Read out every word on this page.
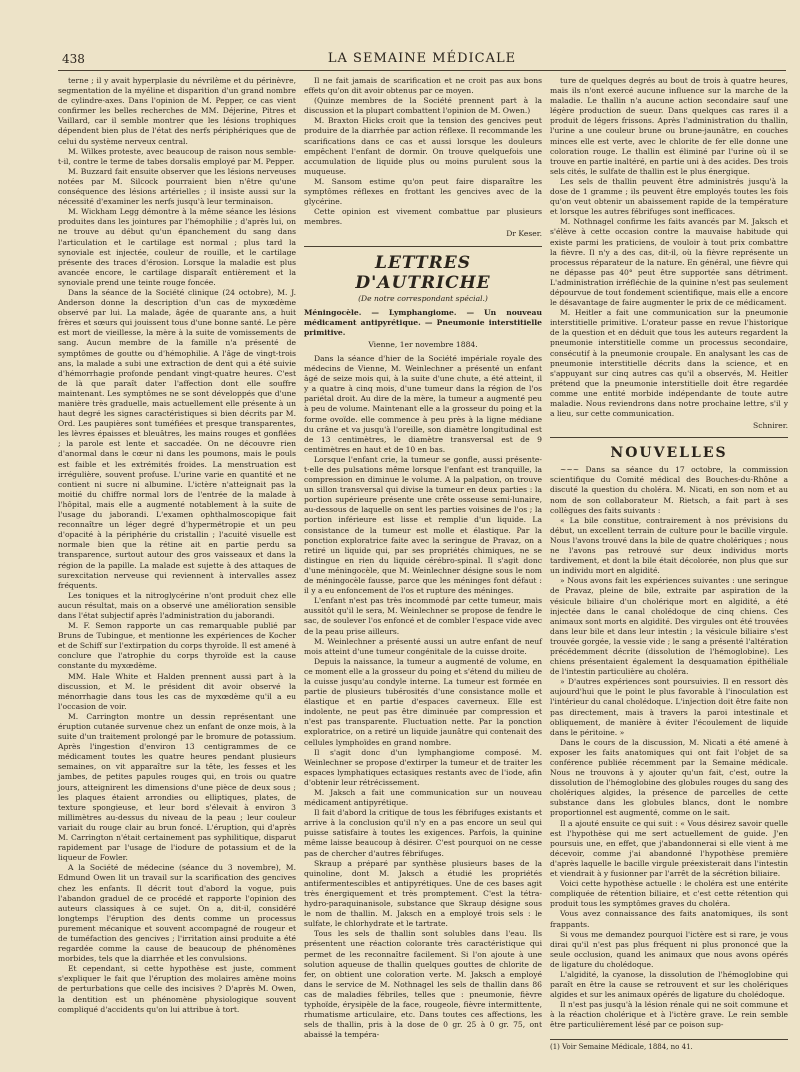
438	LA SEMAINE MÉDICALE

terne ; il y avait hyperplasie du névrilème et du périnèvre, segmentation de la myéline et disparition d'un grand nombre de cylindre-axes. Dans l'opinion de M. Pepper, ce cas vient confirmer les belles recherches de MM. Déjerine, Pitres et Vaillard, car il semble montrer que les lésions trophiques dépendent bien plus de l'état des nerfs périphériques que de celui du système nerveux central.

M. Wilkes proteste, avec beaucoup de raison nous semble-t-il, contre le terme de tabes dorsalis employé par M. Pepper.

M. Buzzard fait ensuite observer que les lésions nerveuses notées par M. Silcock pourraient bien n'être qu'une conséquence des lésions artérielles ; il insiste aussi sur la nécessité d'examiner les nerfs jusqu'à leur terminaison.

M. Wickham Legg démontre à la même séance les lésions produites dans les jointures par l'hémophilie ; d'après lui, on ne trouve au début qu'un épanchement du sang dans l'articulation et le cartilage est normal ; plus tard la synoviale est injectée, couleur de rouille, et le cartilage présente des traces d'érosion. Lorsque la maladie est plus avancée encore, le cartilage disparaît entièrement et la synoviale prend une teinte rouge foncée.

Dans la séance de la Société clinique (24 octobre), M. J. Anderson donne la description d'un cas de myxœdème observé par lui. La malade, âgée de quarante ans, a huit frères et sœurs qui jouissent tous d'une bonne santé. Le père est mort de vieillesse, la mère à la suite de vomissements de sang. Aucun membre de la famille n'a présenté de symptômes de goutte ou d'hémophilie. A l'âge de vingt-trois ans, la malade a subi une extraction de dent qui a été suivie d'hémorrhagie profonde pendant vingt-quatre heures. C'est de là que paraît dater l'affection dont elle souffre maintenant. Les symptômes ne se sont développés que d'une manière très graduelle, mais actuellement elle présente à un haut degré les signes caractéristiques si bien décrits par M. Ord. Les paupières sont tuméfiées et presque transparentes, les lèvres épaisses et bleuâtres, les mains rouges et gonflées ; la parole est lente et saccadée. On ne découvre rien d'anormal dans le cœur ni dans les poumons, mais le pouls est faible et les extrémités froides. La menstruation est irrégulière, souvent profuse. L'urine varie en quantité et ne contient ni sucre ni albumine. L'ictère n'atteignait pas la moitié du chiffre normal lors de l'entrée de la malade à l'hôpital, mais elle a augmenté notablement à la suite de l'usage du jaborandi. L'examen ophthalmoscopique fait reconnaître un léger degré d'hypermétropie et un peu d'opacité à la périphérie du cristallin ; l'acuité visuelle est normale bien que la rétine ait en partie perdu sa transparence, surtout autour des gros vaisseaux et dans la région de la papille. La malade est sujette à des attaques de surexcitation nerveuse qui reviennent à intervalles assez fréquents.

Les toniques et la nitroglycérine n'ont produit chez elle aucun résultat, mais on a observé une amélioration sensible dans l'état subjectif après l'administration du jaborandi.

M. F. Semon rapporte un cas remarquable publié par Bruns de Tubingue, et mentionne les expériences de Kocher et de Schiff sur l'extirpation du corps thyroïde. Il est amené à conclure que l'atrophie du corps thyroïde est la cause constante du myxœdème.

MM. Hale White et Halden prennent aussi part à la discussion, et M. le président dit avoir observé la ménorrhagie dans tous les cas de myxœdème qu'il a eu l'occasion de voir.

M. Carrington montre un dessin représentant une éruption cutanée survenue chez un enfant de onze mois, à la suite d'un traitement prolongé par le bromure de potassium. Après l'ingestion d'environ 13 centigrammes de ce médicament toutes les quatre heures pendant plusieurs semaines, on vit apparaître sur la tête, les fesses et les jambes, de petites papules rouges qui, en trois ou quatre jours, atteignirent les dimensions d'une pièce de deux sous ; les plaques étaient arrondies ou elliptiques, plates, de texture spongieuse, et leur bord s'élevait à environ 3 millimètres au-dessus du niveau de la peau ; leur couleur variait du rouge clair au brun foncé. L'éruption, qui d'après M. Carrington n'était certainement pas syphilitique, disparut rapidement par l'usage de l'iodure de potassium et de la liqueur de Fowler.

A la Société de médecine (séance du 3 novembre), M. Edmund Owen lit un travail sur la scarification des gencives chez les enfants. Il décrit tout d'abord la vogue, puis l'abandon graduel de ce procédé et rapporte l'opinion des auteurs classiques à ce sujet. On a, dit-il, considéré longtemps l'éruption des dents comme un processus purement mécanique et souvent accompagné de rougeur et de tuméfaction des gencives ; l'irritation ainsi produite a été regardée comme la cause de beaucoup de phénomènes morbides, tels que la diarrhée et les convulsions.

Et cependant, si cette hypothèse est juste, comment s'expliquer le fait que l'éruption des molaires amène moins de perturbations que celle des incisives ? D'après M. Owen, la dentition est un phénomène physiologique souvent compliqué d'accidents qu'on lui attribue à tort.

Il ne fait jamais de scarification et ne croit pas aux bons effets qu'on dit avoir obtenus par ce moyen.

(Quinze membres de la Société prennent part à la discussion et la plupart combattent l'opinion de M. Owen.)

M. Braxton Hicks croit que la tension des gencives peut produire de la diarrhée par action réflexe. Il recommande les scarifications dans ce cas et aussi lorsque les douleurs empêchent l'enfant de dormir. On trouve quelquefois une accumulation de liquide plus ou moins purulent sous la muqueuse.

M. Sansom estime qu'on peut faire disparaître les symptômes réflexes en frottant les gencives avec de la glycérine.

Cette opinion est vivement combattue par plusieurs membres.

Dr Keser.
LETTRES D'AUTRICHE
(De notre correspondant spécial.)

Méningocèle. — Lymphangiome. — Un nouveau médicament antipyrétique. — Pneumonie interstitielle primitive.

Vienne, 1er novembre 1884.

Dans la séance d'hier de la Société impériale royale des médecins de Vienne, M. Weinlechner a présenté un enfant âgé de seize mois qui, à la suite d'une chute, a été atteint, il y a quatre à cinq mois, d'une tumeur dans la région de l'os pariétal droit. Au dire de la mère, la tumeur a augmenté peu à peu de volume. Maintenant elle a la grosseur du poing et la forme ovoïde. elle commence à peu près à la ligne médiane du crâne et va jusqu'à l'oreille, son diamètre longitudinal est de 13 centimètres, le diamètre transversal est de 9 centimètres en haut et de 10 en bas.

Lorsque l'enfant crie, la tumeur se gonfle, aussi présente-t-elle des pulsations même lorsque l'enfant est tranquille, la compression en diminue le volume. A la palpation, on trouve un sillon transversal qui divise la tumeur en deux parties : la portion supérieure présente une crête osseuse semi-lunaire, au-dessous de laquelle on sent les parties voisines de l'os ; la portion inférieure est lisse et remplie d'un liquide. La consistance de la tumeur est molle et élastique. Par la ponction exploratrice faite avec la seringue de Pravaz, on a retiré un liquide qui, par ses propriétés chimiques, ne se distingue en rien du liquide cérébro-spinal. Il s'agit donc d'une méningocèle, que M. Weinlechner désigne sous le nom de méningocèle fausse, parce que les méninges font défaut : il y a eu enfoncement de l'os et rupture des méninges.

L'enfant n'est pas très incommodé par cette tumeur, mais aussitôt qu'il le sera, M. Weinlechner se propose de fendre le sac, de soulever l'os enfoncé et de combler l'espace vide avec de la peau prise ailleurs.

M. Weinlechner a présenté aussi un autre enfant de neuf mois atteint d'une tumeur congénitale de la cuisse droite.

Depuis la naissance, la tumeur a augmenté de volume, en ce moment elle a la grosseur du poing et s'étend du milieu de la cuisse jusqu'au condyle interne. La tumeur est formée en partie de plusieurs tubérosités d'une consistance molle et élastique et en partie d'espaces caverneux. Elle est indolente, ne peut pas être diminuée par compression et n'est pas transparente. Fluctuation nette. Par la ponction exploratrice, on a retiré un liquide jaunâtre qui contenait des cellules lymphoïdes en grand nombre.

Il s'agit donc d'un lymphangiome composé. M. Weinlechner se propose d'extirper la tumeur et de traiter les espaces lymphatiques ectasiques restants avec de l'iode, afin d'obtenir leur rétrécissement.

M. Jaksch a fait une communication sur un nouveau médicament antipyrétique.

Il fait d'abord la critique de tous les fébrifuges existants et arrive à la conclusion qu'il n'y en a pas encore un seul qui puisse satisfaire à toutes les exigences. Parfois, la quinine même laisse beaucoup à désirer. C'est pourquoi on ne cesse pas de chercher d'autres fébrifuges.

Skraup a préparé par synthèse plusieurs bases de la quinoline, dont M. Jaksch a étudié les propriétés antifermentescibles et antipyrétiques. Une de ces bases agit très énergiquement et très promptement. C'est la tétra-hydro-paraquinanisole, substance que Skraup désigne sous le nom de thallin. M. Jaksch en a employé trois sels : le sulfate, le chlorhydrate et le tartrate.

Tous les sels de thallin sont solubles dans l'eau. Ils présentent une réaction colorante très caractéristique qui permet de les reconnaître facilement. Si l'on ajoute à une solution aqueuse de thallin quelques gouttes de chlorite de fer, on obtient une coloration verte. M. Jaksch a employé dans le service de M. Nothnagel les sels de thallin dans 86 cas de maladies fébriles, telles que : pneumonie, fièvre typhoïde, érysipèle de la face, rougeole, fièvre intermittente, rhumatisme articulaire, etc. Dans toutes ces affections, les sels de thallin, pris à la dose de 0 gr. 25 à 0 gr. 75, ont abaissé la tempéra-

ture de quelques degrés au bout de trois à quatre heures, mais ils n'ont exercé aucune influence sur la marche de la maladie. Le thallin n'a aucune action secondaire sauf une légère production de sueur. Dans quelques cas rares il a produit de légers frissons. Après l'administration du thallin, l'urine a une couleur brune ou brune-jaunâtre, en couches minces elle est verte, avec le chlorite de fer elle donne une coloration rouge. Le thallin est éliminé par l'urine où il se trouve en partie inaltéré, en partie uni à des acides. Des trois sels cités, le sulfate de thallin est le plus énergique.

Les sels de thallin peuvent être administrés jusqu'à la dose de 1 gramme ; ils peuvent être employés toutes les fois qu'on veut obtenir un abaissement rapide de la température et lorsque les autres fébrifuges sont inefficaces.

M. Nothnagel confirme les faits avancés par M. Jaksch et s'élève à cette occasion contre la mauvaise habitude qui existe parmi les praticiens, de vouloir à tout prix combattre la fièvre. Il n'y a des cas, dit-il, où la fièvre représente un processus réparateur de la nature. En général, une fièvre qui ne dépasse pas 40° peut être supportée sans détriment. L'administration irréfléchie de la quinine n'est pas seulement dépourvue de tout fondement scientifique, mais elle a encore le désavantage de faire augmenter le prix de ce médicament.

M. Heitler a fait une communication sur la pneumonie interstitielle primitive. L'orateur passe en revue l'historique de la question et en déduit que tous les auteurs regardent la pneumonie interstitielle comme un processus secondaire, consécutif à la pneumonie croupale. En analysant les cas de pneumonie interstitielle décrits dans la science, et en s'appuyant sur cinq autres cas qu'il a observés, M. Heitler prétend que la pneumonie interstitielle doit être regardée comme une entité morbide indépendante de toute autre maladie. Nous reviendrons dans notre prochaine lettre, s'il y a lieu, sur cette communication.

Schnirer.
NOUVELLES

~~~ Dans sa séance du 17 octobre, la commission scientifique du Comité médical des Bouches-du-Rhône a discuté la question du choléra. M. Nicati, en son nom et au nom de son collaborateur M. Rietsch, a fait part à ses collègues des faits suivants :

« La bile constitue, contrairement à nos prévisions du début, un excellent terrain de culture pour le bacille virgule. Nous l'avons trouvé dans la bile de quatre cholériques ; nous ne l'avons pas retrouvé sur deux individus morts tardivement, et dont la bile était décolorée, non plus que sur un individu mort en algidité.

» Nous avons fait les expériences suivantes : une seringue de Pravaz, pleine de bile, extraite par aspiration de la vésicule biliaire d'un cholérique mort en algidité, a été injectée dans le canal cholédoque de cinq chiens. Ces animaux sont morts en algidité. Des virgules ont été trouvées dans leur bile et dans leur intestin ; la vésicule biliaire s'est trouvée gorgée, la vessie vide ; le sang a présenté l'altération précédemment décrite (dissolution de l'hémoglobine). Les chiens présentaient également la desquamation épithéliale de l'intestin particulière au choléra.

» D'autres expériences sont poursuivies. Il en ressort dès aujourd'hui que le point le plus favorable à l'inoculation est l'intérieur du canal cholédoque. L'injection doit être faite non pas directement, mais à travers la paroi intestinale et obliquement, de manière à éviter l'écoulement de liquide dans le péritoine. »

Dans le cours de la discussion, M. Nicati a été amené à exposer les faits anatomiques qui ont fait l'objet de sa conférence publiée récemment par la Semaine médicale. Nous ne trouvons à y ajouter qu'un fait, c'est, outre la dissolution de l'hémoglobine des globules rouges du sang des cholériques algides, la présence de parcelles de cette substance dans les globules blancs, dont le nombre proportionnel est augmenté, comme on le sait.

Il a ajouté ensuite ce qui suit : « Vous désirez savoir quelle est l'hypothèse qui me sert actuellement de guide. J'en poursuis une, en effet, que j'abandonnerai si elle vient à me décevoir, comme j'ai abandonné l'hypothèse première d'après laquelle le bacille virgule préexisterait dans l'intestin et viendrait à y fusionner par l'arrêt de la sécrétion biliaire.

Voici cette hypothèse actuelle : le choléra est une entérite compliquée de rétention biliaire, et c'est cette rétention qui produit tous les symptômes graves du choléra.

Vous avez connaissance des faits anatomiques, ils sont frappants.

Si vous me demandez pourquoi l'ictère est si rare, je vous dirai qu'il n'est pas plus fréquent ni plus prononcé que la seule occlusion, quand les animaux que nous avons opérés de ligature du cholédoque.

L'algidité, la cyanose, la dissolution de l'hémoglobine qui paraît en être la cause se retrouvent et sur les cholériques algides et sur les animaux opérés de ligature du cholédoque.

Il n'est pas jusqu'à la lésion rénale qui ne soit commune et à la réaction cholérique et à l'ictère grave. Le rein semble être particulièrement lésé par ce poison sup-

(1) Voir Semaine Médicale, 1884, no 41.
